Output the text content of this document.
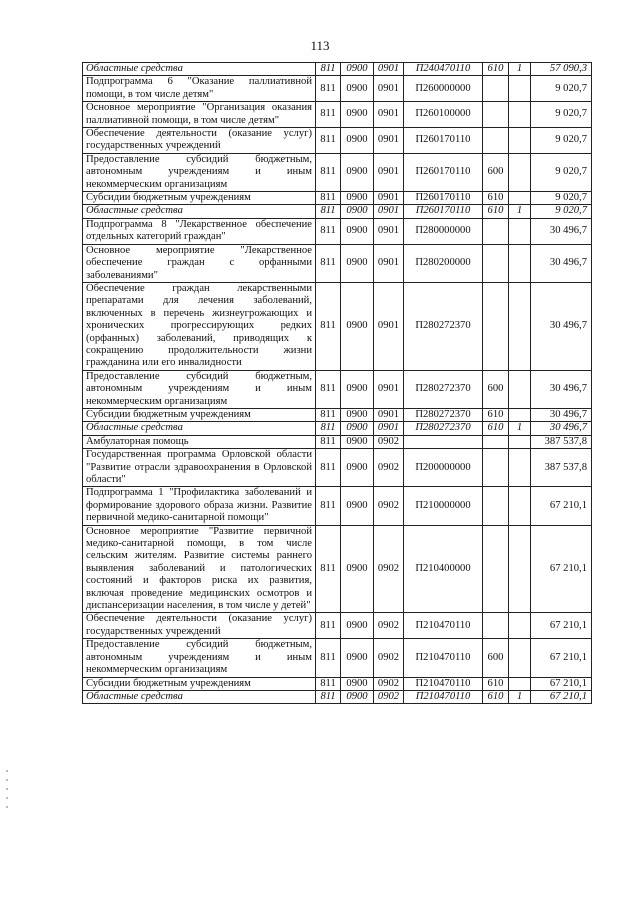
113
Областные средства	811	0900	0901	П240470110	610	1	57 090,3
Подпрограмма 6 "Оказание паллиативной помощи, в том числе детям"	811	0900	0901	П260000000			9 020,7
Основное мероприятие "Организация оказания паллиативной помощи, в том числе детям"	811	0900	0901	П260100000			9 020,7
Обеспечение деятельности (оказание услуг) государственных учреждений	811	0900	0901	П260170110			9 020,7
Предоставление субсидий бюджетным, автономным учреждениям и иным некоммерческим организациям	811	0900	0901	П260170110	600		9 020,7
Субсидии бюджетным учреждениям	811	0900	0901	П260170110	610		9 020,7
Областные средства	811	0900	0901	П260170110	610	1	9 020,7
Подпрограмма 8 "Лекарственное обеспечение отдельных категорий граждан"	811	0900	0901	П280000000			30 496,7
Основное мероприятие "Лекарственное обеспечение граждан с орфанными заболеваниями"	811	0900	0901	П280200000			30 496,7
Обеспечение граждан лекарственными препаратами для лечения заболеваний, включенных в перечень жизнеугрожающих и хронических прогрессирующих редких (орфанных) заболеваний, приводящих к сокращению продолжительности жизни гражданина или его инвалидности	811	0900	0901	П280272370			30 496,7
Предоставление субсидий бюджетным, автономным учреждениям и иным некоммерческим организациям	811	0900	0901	П280272370	600		30 496,7
Субсидии бюджетным учреждениям	811	0900	0901	П280272370	610		30 496,7
Областные средства	811	0900	0901	П280272370	610	1	30 496,7
Амбулаторная помощь	811	0900	0902				387 537,8
Государственная программа Орловской области "Развитие отрасли здравоохранения в Орловской области"	811	0900	0902	П200000000			387 537,8
Подпрограмма 1 "Профилактика заболеваний и формирование здорового образа жизни. Развитие первичной медико-санитарной помощи"	811	0900	0902	П210000000			67 210,1
Основное мероприятие "Развитие первичной медико-санитарной помощи, в том числе сельским жителям. Развитие системы раннего выявления заболеваний и патологических состояний и факторов риска их развития, включая проведение медицинских осмотров и диспансеризации населения, в том числе у детей"	811	0900	0902	П210400000			67 210,1
Обеспечение деятельности (оказание услуг) государственных учреждений	811	0900	0902	П210470110			67 210,1
Предоставление субсидий бюджетным, автономным учреждениям и иным некоммерческим организациям	811	0900	0902	П210470110	600		67 210,1
Субсидии бюджетным учреждениям	811	0900	0902	П210470110	610		67 210,1
Областные средства	811	0900	0902	П210470110	610	1	67 210,1
